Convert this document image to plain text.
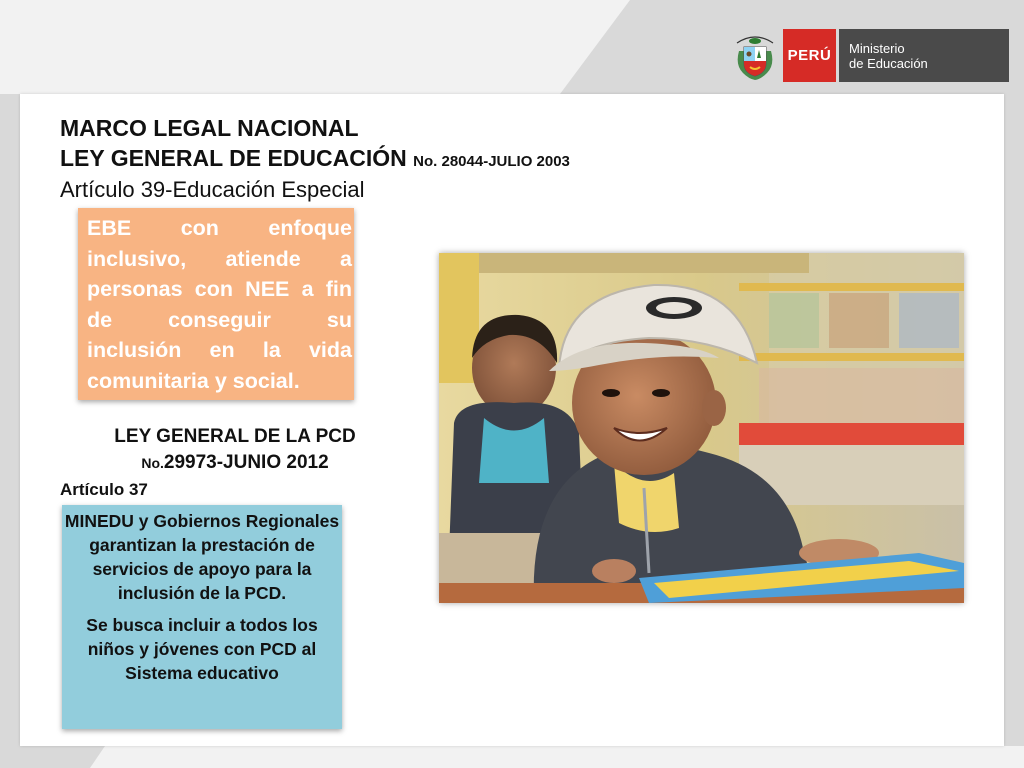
PERÚ	Ministerio
de Educación
MARCO LEGAL NACIONAL
LEY GENERAL DE EDUCACIÓN No. 28044-JULIO 2003
Artículo 39-Educación Especial
EBE con enfoque inclusivo, atiende a personas con NEE a fin de conseguir su inclusión en la vida comunitaria y social.
LEY GENERAL DE LA PCD
No.29973-JUNIO 2012
Artículo 37

MINEDU y Gobiernos Regionales garantizan la prestación de servicios de apoyo para la inclusión de la PCD.

Se busca incluir a todos los niños y jóvenes con PCD al Sistema educativo
